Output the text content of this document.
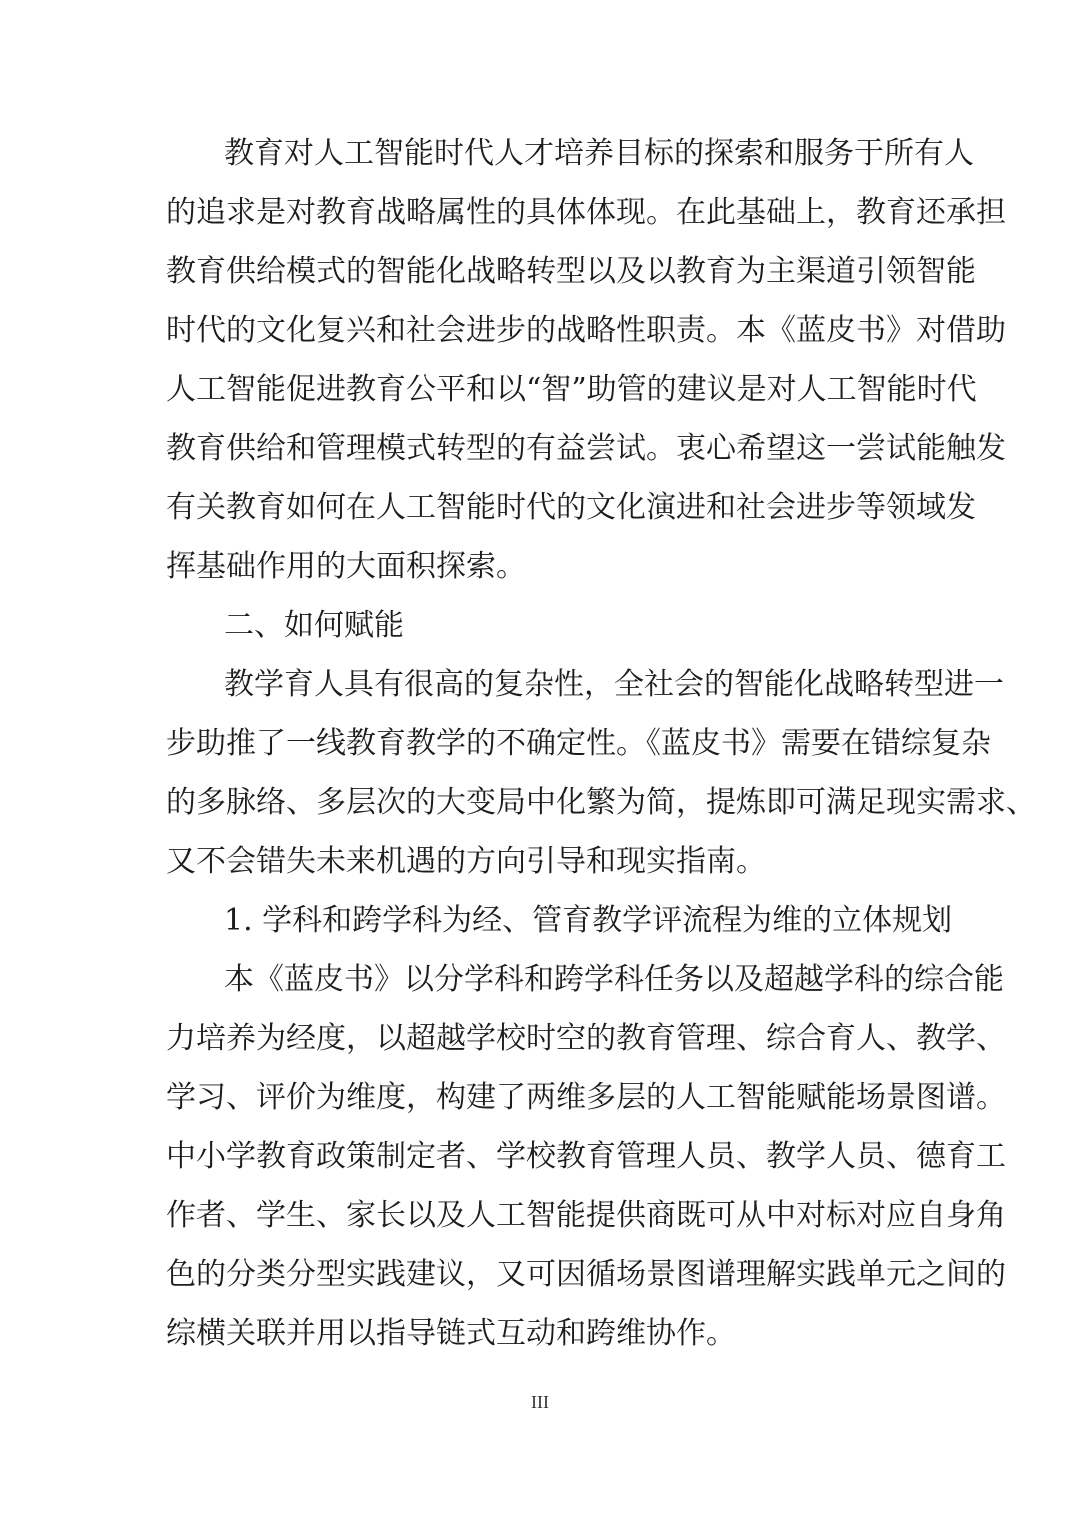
教育对人工智能时代人才培养目标的探索和服务于所有人
的追求是对教育战略属性的具体体现。在此基础上，教育还承担
教育供给模式的智能化战略转型以及以教育为主渠道引领智能
时代的文化复兴和社会进步的战略性职责。本《蓝皮书》对借助
人工智能促进教育公平和以“智”助管的建议是对人工智能时代
教育供给和管理模式转型的有益尝试。衷心希望这一尝试能触发
有关教育如何在人工智能时代的文化演进和社会进步等领域发
挥基础作用的大面积探索。
二、如何赋能
教学育人具有很高的复杂性，全社会的智能化战略转型进一
步助推了一线教育教学的不确定性。《蓝皮书》需要在错综复杂
的多脉络、多层次的大变局中化繁为简，提炼即可满足现实需求、
又不会错失未来机遇的方向引导和现实指南。
1. 学科和跨学科为经、管育教学评流程为维的立体规划
本《蓝皮书》以分学科和跨学科任务以及超越学科的综合能
力培养为经度，以超越学校时空的教育管理、综合育人、教学、
学习、评价为维度，构建了两维多层的人工智能赋能场景图谱。
中小学教育政策制定者、学校教育管理人员、教学人员、德育工
作者、学生、家长以及人工智能提供商既可从中对标对应自身角
色的分类分型实践建议，又可因循场景图谱理解实践单元之间的
综横关联并用以指导链式互动和跨维协作。
III
